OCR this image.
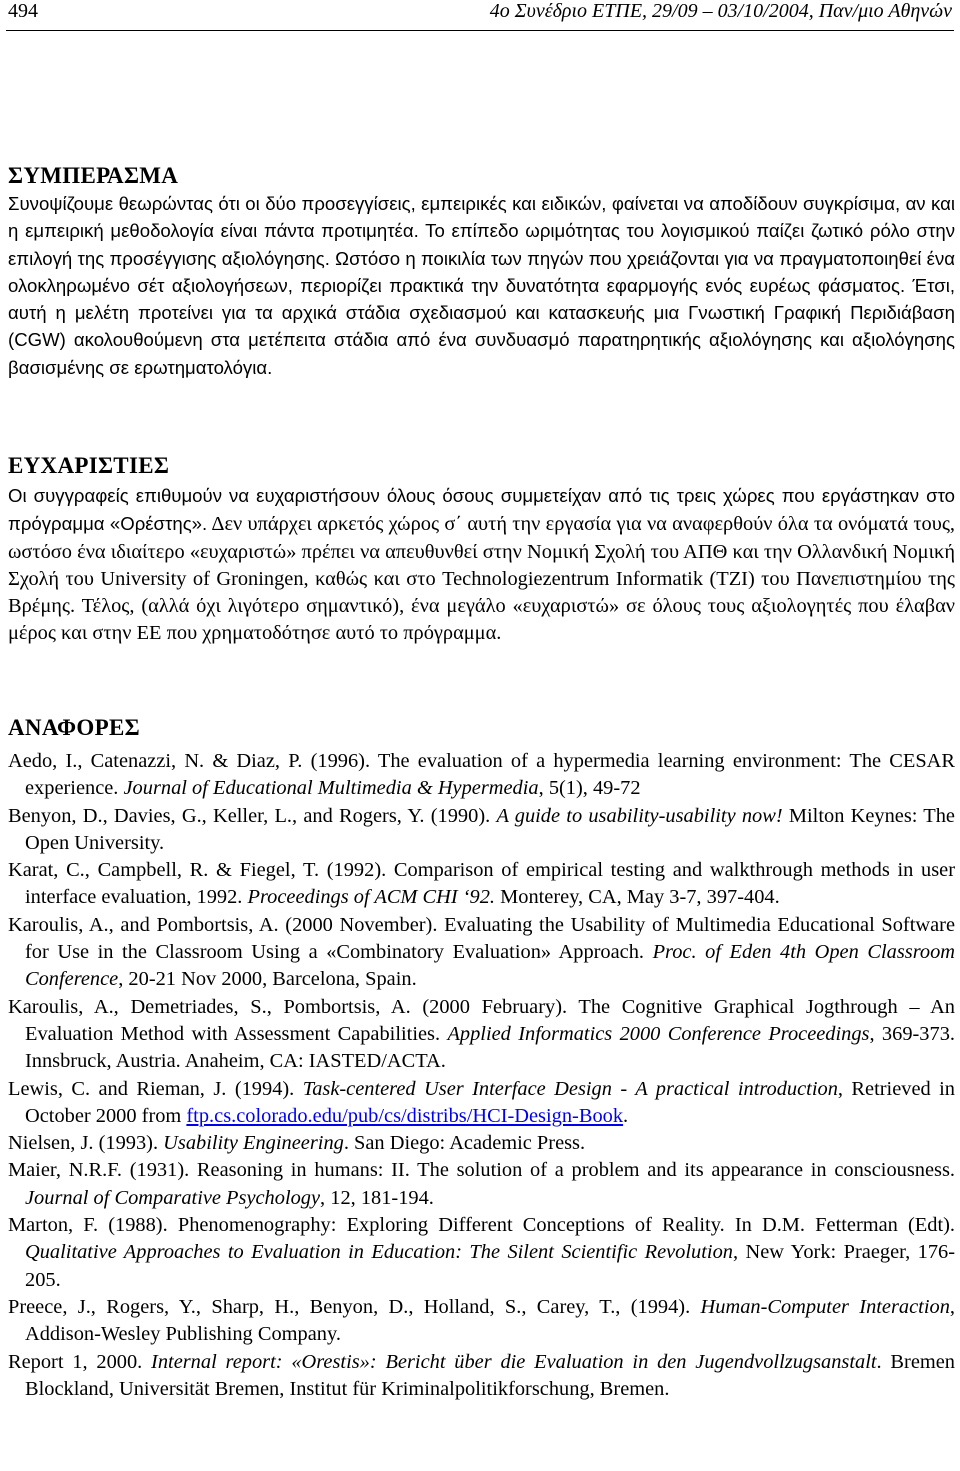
494	4ο Συνέδριο ΕΤΠΕ, 29/09 – 03/10/2004, Παν/μιο Αθηνών
ΣΥΜΠΕΡΑΣΜΑ

Συνοψίζουμε θεωρώντας ότι οι δύο προσεγγίσεις, εμπειρικές και ειδικών, φαίνεται να αποδίδουν συγκρίσιμα, αν και η εμπειρική μεθοδολογία είναι πάντα προτιμητέα. Το επίπεδο ωριμότητας του λογισμικού παίζει ζωτικό ρόλο στην επιλογή της προσέγγισης αξιολόγησης. Ωστόσο η ποικιλία των πηγών που χρειάζονται για να πραγματοποιηθεί ένα ολοκληρωμένο σέτ αξιολογήσεων, περιορίζει πρακτικά την δυνατότητα εφαρμογής ενός ευρέως φάσματος. Έτσι, αυτή η μελέτη προτείνει για τα αρχικά στάδια σχεδιασμού και κατασκευής μια Γνωστική Γραφική Περιδιάβαση (CGW) ακολουθούμενη στα μετέπειτα στάδια από ένα συνδυασμό παρατηρητικής αξιολόγησης και αξιολόγησης βασισμένης σε ερωτηματολόγια.

ΕΥΧΑΡΙΣΤΙΕΣ

Οι συγγραφείς επιθυμούν να ευχαριστήσουν όλους όσους συμμετείχαν από τις τρεις χώρες που εργάστηκαν στο πρόγραμμα «Ορέστης». Δεν υπάρχει αρκετός χώρος σ΄ αυτή την εργασία για να αναφερθούν όλα τα ονόματά τους, ωστόσο ένα ιδιαίτερο «ευχαριστώ» πρέπει να απευθυνθεί στην Νομική Σχολή του ΑΠΘ και την Ολλανδική Νομική Σχολή του University of Groningen, καθώς και στο Technologiezentrum Informatik (TZI) του Πανεπιστημίου της Βρέμης. Τέλος, (αλλά όχι λιγότερο σημαντικό), ένα μεγάλο «ευχαριστώ» σε όλους τους αξιολογητές που έλαβαν μέρος και στην ΕΕ που χρηματοδότησε αυτό το πρόγραμμα.

ΑΝΑΦΟΡΕΣ

Aedo, I., Catenazzi, N. & Diaz, P. (1996). The evaluation of a hypermedia learning environment: The CESAR experience. Journal of Educational Multimedia & Hypermedia, 5(1), 49-72

Benyon, D., Davies, G., Keller, L., and Rogers, Y. (1990). A guide to usability-usability now! Milton Keynes: The Open University.

Karat, C., Campbell, R. & Fiegel, T. (1992). Comparison of empirical testing and walkthrough methods in user interface evaluation, 1992. Proceedings of ACM CHI ‘92. Monterey, CA, May 3-7, 397-404.

Karoulis, A., and Pombortsis, A. (2000 November). Evaluating the Usability of Multimedia Educational Software for Use in the Classroom Using a «Combinatory Evaluation» Approach. Proc. of Eden 4th Open Classroom Conference, 20-21 Nov 2000, Barcelona, Spain.

Karoulis, A., Demetriades, S., Pombortsis, A. (2000 February). The Cognitive Graphical Jogthrough – An Evaluation Method with Assessment Capabilities. Applied Informatics 2000 Conference Proceedings, 369-373. Innsbruck, Austria. Anaheim, CA: IASTED/ACTA.

Lewis, C. and Rieman, J. (1994). Task-centered User Interface Design - A practical introduction, Retrieved in October 2000 from ftp.cs.colorado.edu/pub/cs/distribs/HCI-Design-Book.

Nielsen, J. (1993). Usability Engineering. San Diego: Academic Press.

Maier, N.R.F. (1931). Reasoning in humans: II. The solution of a problem and its appearance in consciousness. Journal of Comparative Psychology, 12, 181-194.

Marton, F. (1988). Phenomenography: Exploring Different Conceptions of Reality. In D.M. Fetterman (Edt). Qualitative Approaches to Evaluation in Education: The Silent Scientific Revolution, New York: Praeger, 176-205.

Preece, J., Rogers, Y., Sharp, H., Benyon, D., Holland, S., Carey, T., (1994). Human-Computer Interaction, Addison-Wesley Publishing Company.

Report 1, 2000. Internal report: «Orestis»: Bericht über die Evaluation in den Jugendvollzugsanstalt. Bremen Blockland, Universität Bremen, Institut für Kriminalpolitikforschung, Bremen.
